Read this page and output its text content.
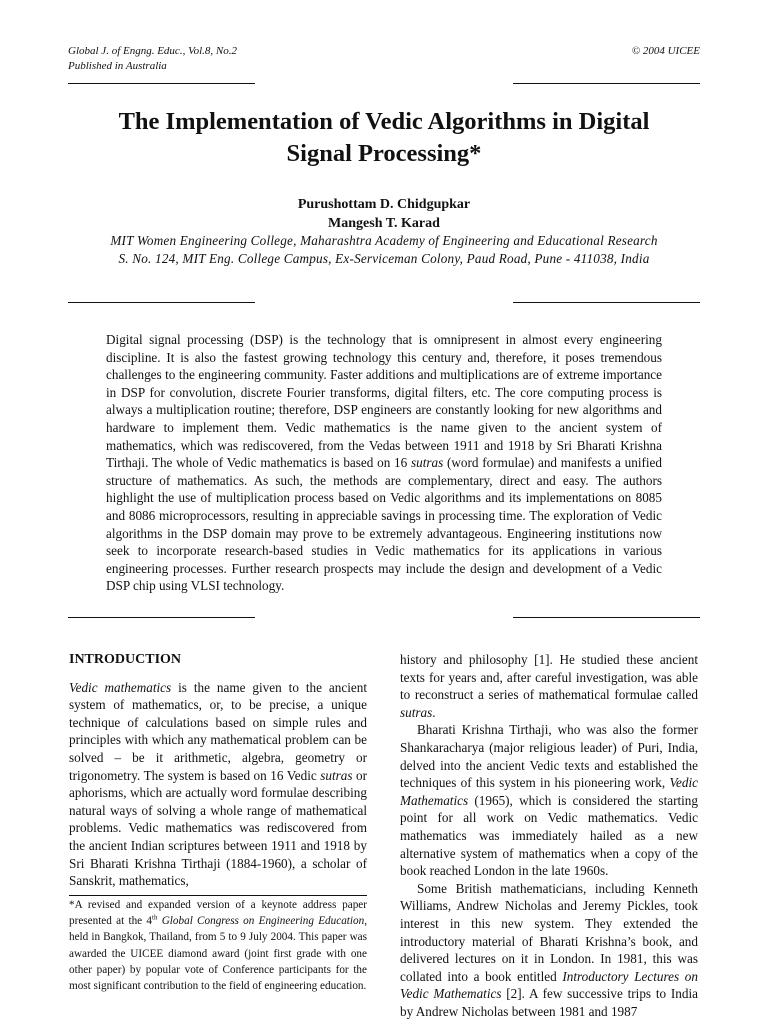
Global J. of Engng. Educ., Vol.8, No.2
Published in Australia
© 2004 UICEE
The Implementation of Vedic Algorithms in Digital
Signal Processing*
Purushottam D. Chidgupkar
Mangesh T. Karad
MIT Women Engineering College, Maharashtra Academy of Engineering and Educational Research
S. No. 124, MIT Eng. College Campus, Ex-Serviceman Colony, Paud Road, Pune - 411038, India

Digital signal processing (DSP) is the technology that is omnipresent in almost every engineering discipline. It is also the fastest growing technology this century and, therefore, it poses tremendous challenges to the engineering community. Faster additions and multiplications are of extreme importance in DSP for convolution, discrete Fourier transforms, digital filters, etc. The core computing process is always a multiplication routine; therefore, DSP engineers are constantly looking for new algorithms and hardware to implement them. Vedic mathematics is the name given to the ancient system of mathematics, which was rediscovered, from the Vedas between 1911 and 1918 by Sri Bharati Krishna Tirthaji. The whole of Vedic mathematics is based on 16 sutras (word formulae) and manifests a unified structure of mathematics. As such, the methods are complementary, direct and easy. The authors highlight the use of multiplication process based on Vedic algorithms and its implementations on 8085 and 8086 microprocessors, resulting in appreciable savings in processing time. The exploration of Vedic algorithms in the DSP domain may prove to be extremely advantageous. Engineering institutions now seek to incorporate research-based studies in Vedic mathematics for its applications in various engineering processes. Further research prospects may include the design and development of a Vedic DSP chip using VLSI technology.

INTRODUCTION

Vedic mathematics is the name given to the ancient system of mathematics, or, to be precise, a unique technique of calculations based on simple rules and principles with which any mathematical problem can be solved – be it arithmetic, algebra, geometry or trigonometry. The system is based on 16 Vedic sutras or aphorisms, which are actually word formulae describing natural ways of solving a whole range of mathematical problems. Vedic mathematics was rediscovered from the ancient Indian scriptures between 1911 and 1918 by Sri Bharati Krishna Tirthaji (1884-1960), a scholar of Sanskrit, mathematics,

*A revised and expanded version of a keynote address paper presented at the 4th Global Congress on Engineering Education, held in Bangkok, Thailand, from 5 to 9 July 2004. This paper was awarded the UICEE diamond award (joint first grade with one other paper) by popular vote of Conference participants for the most significant contribution to the field of engineering education.

history and philosophy [1]. He studied these ancient texts for years and, after careful investigation, was able to reconstruct a series of mathematical formulae called sutras.

Bharati Krishna Tirthaji, who was also the former Shankaracharya (major religious leader) of Puri, India, delved into the ancient Vedic texts and established the techniques of this system in his pioneering work, Vedic Mathematics (1965), which is considered the starting point for all work on Vedic mathematics. Vedic mathematics was immediately hailed as a new alternative system of mathematics when a copy of the book reached London in the late 1960s.

Some British mathematicians, including Kenneth Williams, Andrew Nicholas and Jeremy Pickles, took interest in this new system. They extended the introductory material of Bharati Krishna’s book, and delivered lectures on it in London. In 1981, this was collated into a book entitled Introductory Lectures on Vedic Mathematics [2]. A few successive trips to India by Andrew Nicholas between 1981 and 1987
